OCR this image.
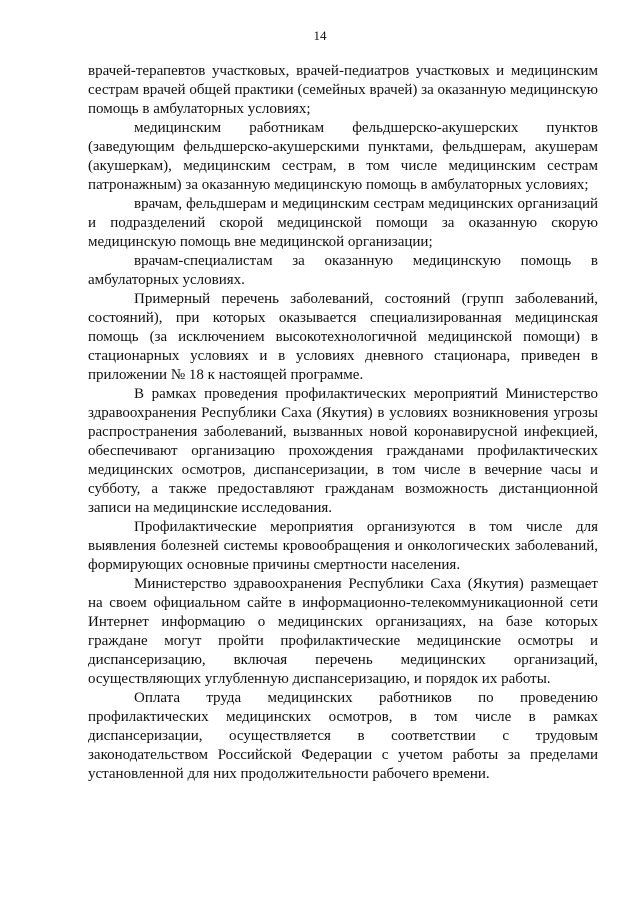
14

врачей-терапевтов участковых, врачей-педиатров участковых и медицинским сестрам врачей общей практики (семейных врачей) за оказанную медицинскую помощь в амбулаторных условиях;

медицинским работникам фельдшерско-акушерских пунктов (заведующим фельдшерско-акушерскими пунктами, фельдшерам, акушерам (акушеркам), медицинским сестрам, в том числе медицинским сестрам патронажным) за оказанную медицинскую помощь в амбулаторных условиях;

врачам, фельдшерам и медицинским сестрам медицинских организаций и подразделений скорой медицинской помощи за оказанную скорую медицинскую помощь вне медицинской организации;

врачам-специалистам за оказанную медицинскую помощь в амбулаторных условиях.

Примерный перечень заболеваний, состояний (групп заболеваний, состояний), при которых оказывается специализированная медицинская помощь (за исключением высокотехнологичной медицинской помощи) в стационарных условиях и в условиях дневного стационара, приведен в приложении № 18 к настоящей программе.

В рамках проведения профилактических мероприятий Министерство здравоохранения Республики Саха (Якутия) в условиях возникновения угрозы распространения заболеваний, вызванных новой коронавирусной инфекцией, обеспечивают организацию прохождения гражданами профилактических медицинских осмотров, диспансеризации, в том числе в вечерние часы и субботу, а также предоставляют гражданам возможность дистанционной записи на медицинские исследования.

Профилактические мероприятия организуются в том числе для выявления болезней системы кровообращения и онкологических заболеваний, формирующих основные причины смертности населения.

Министерство здравоохранения Республики Саха (Якутия) размещает на своем официальном сайте в информационно-телекоммуникационной сети Интернет информацию о медицинских организациях, на базе которых граждане могут пройти профилактические медицинские осмотры и диспансеризацию, включая перечень медицинских организаций, осуществляющих углубленную диспансеризацию, и порядок их работы.

Оплата труда медицинских работников по проведению профилактических медицинских осмотров, в том числе в рамках диспансеризации, осуществляется в соответствии с трудовым законодательством Российской Федерации с учетом работы за пределами установленной для них продолжительности рабочего времени.
